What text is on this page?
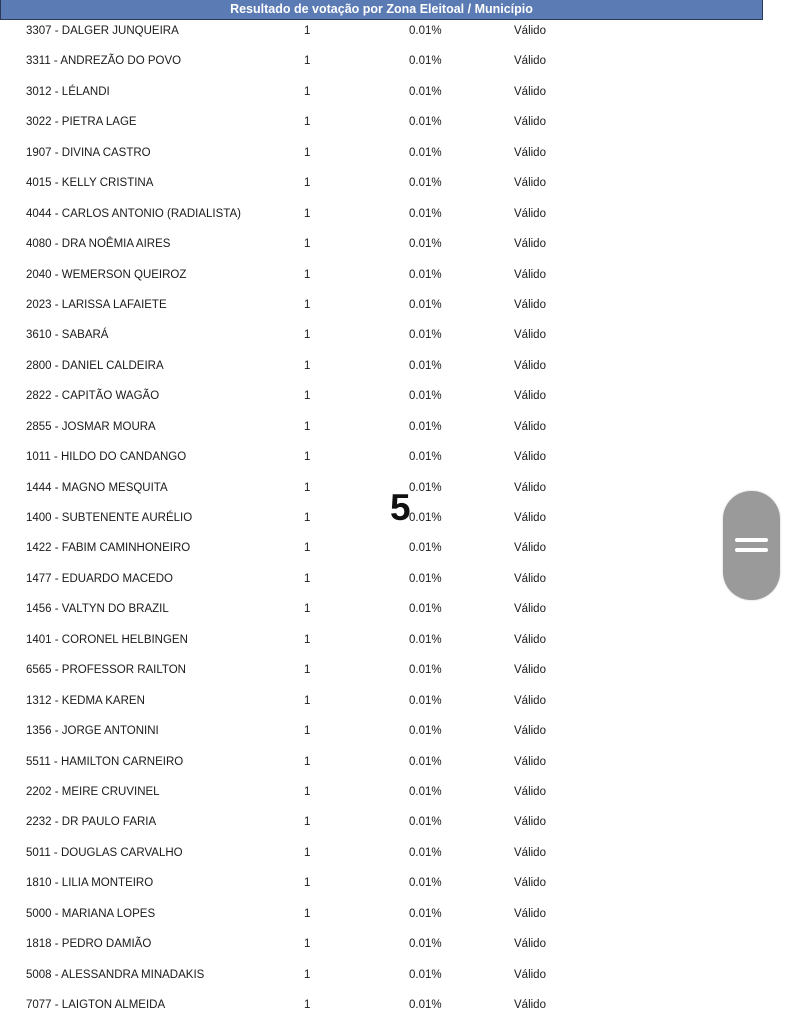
Resultado de votação por Zona Eleitoal / Município
3307 - DALGER JUNQUEIRA	1	0.01%	Válido
3311 - ANDREZÃO DO POVO	1	0.01%	Válido
3012 - LÉLANDI	1	0.01%	Válido
3022 - PIETRA LAGE	1	0.01%	Válido
1907 - DIVINA CASTRO	1	0.01%	Válido
4015 - KELLY CRISTINA	1	0.01%	Válido
4044 - CARLOS ANTONIO (RADIALISTA)	1	0.01%	Válido
4080 - DRA NOÊMIA AIRES	1	0.01%	Válido
2040 - WEMERSON QUEIROZ	1	0.01%	Válido
2023 - LARISSA LAFAIETE	1	0.01%	Válido
3610 - SABARÁ	1	0.01%	Válido
2800 - DANIEL CALDEIRA	1	0.01%	Válido
2822 - CAPITÃO WAGÃO	1	0.01%	Válido
2855 - JOSMAR MOURA	1	0.01%	Válido
1011 - HILDO DO CANDANGO	1	0.01%	Válido
1444 - MAGNO MESQUITA	1	0.01%	Válido
1400 - SUBTENENTE AURÉLIO	1	0.01%	Válido
1422 - FABIM CAMINHONEIRO	1	0.01%	Válido
1477 - EDUARDO MACEDO	1	0.01%	Válido
1456 - VALTYN DO BRAZIL	1	0.01%	Válido
1401 - CORONEL HELBINGEN	1	0.01%	Válido
6565 - PROFESSOR RAILTON	1	0.01%	Válido
1312 - KEDMA KAREN	1	0.01%	Válido
1356 - JORGE ANTONINI	1	0.01%	Válido
5511 - HAMILTON CARNEIRO	1	0.01%	Válido
2202 - MEIRE CRUVINEL	1	0.01%	Válido
2232 - DR PAULO FARIA	1	0.01%	Válido
5011 - DOUGLAS CARVALHO	1	0.01%	Válido
1810 - LILIA MONTEIRO	1	0.01%	Válido
5000 - MARIANA LOPES	1	0.01%	Válido
1818 - PEDRO DAMIÃO	1	0.01%	Válido
5008 - ALESSANDRA MINADAKIS	1	0.01%	Válido
7077 - LAIGTON ALMEIDA	1	0.01%	Válido
5
